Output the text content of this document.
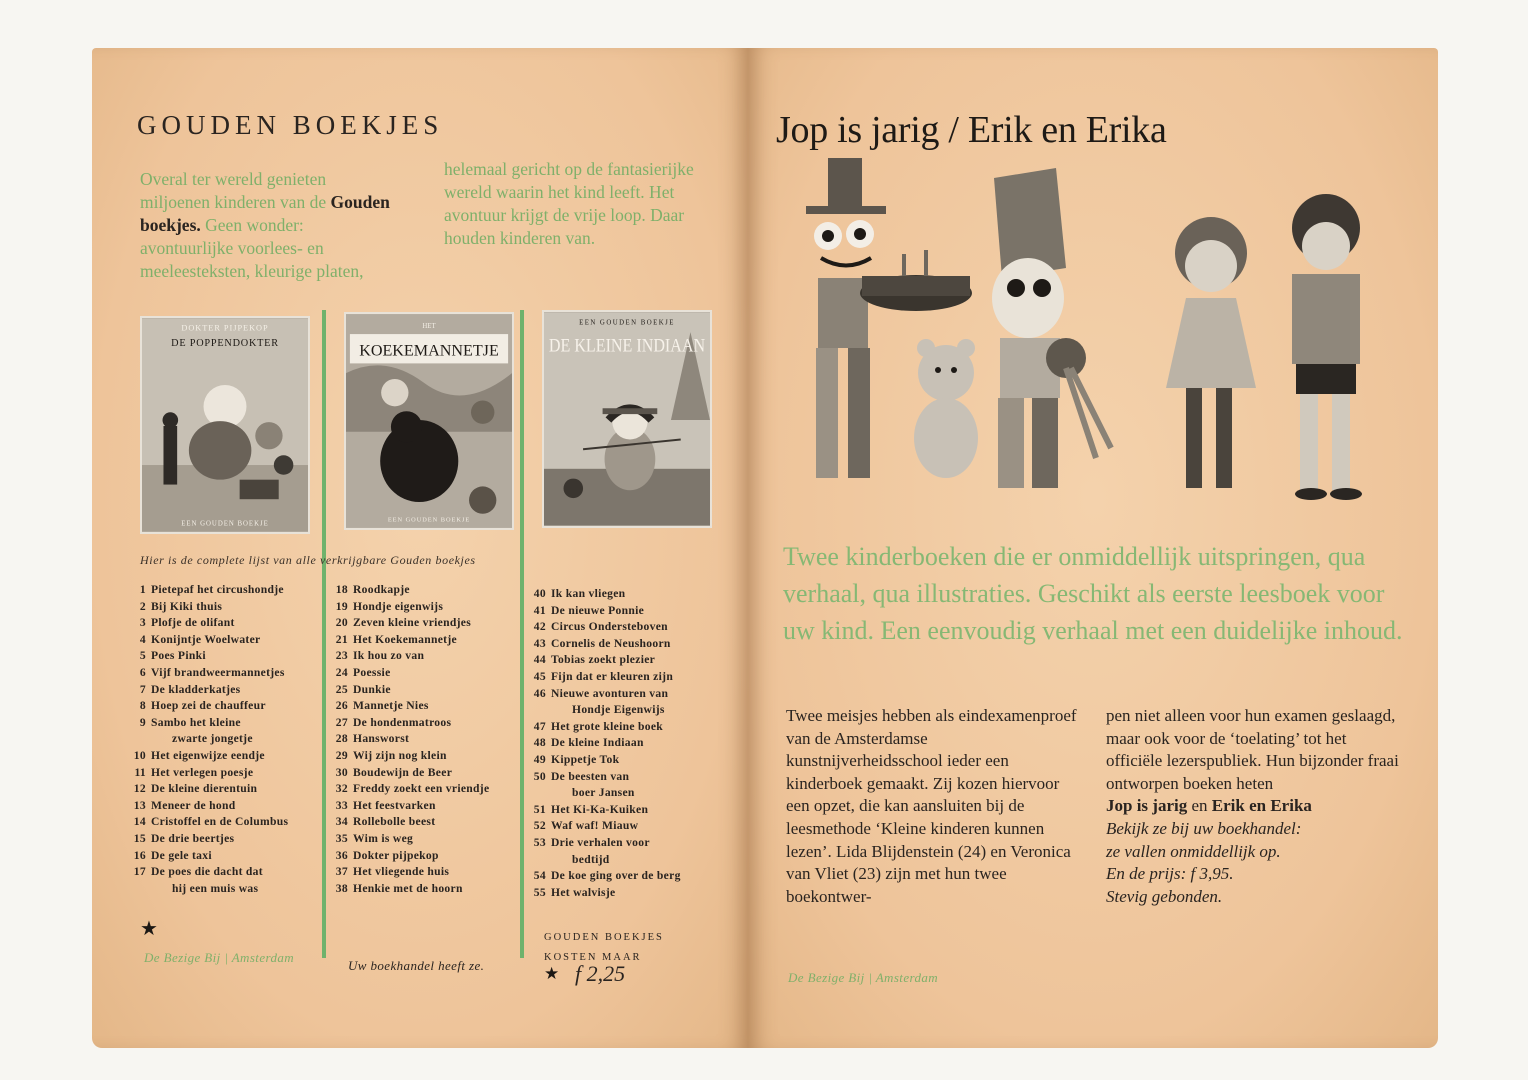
GOUDEN BOEKJES
Overal ter wereld genieten miljoenen kinderen van de Gouden boekjes. Geen wonder: avontuurlijke voorlees- en meeleesteksten, kleurige platen,
helemaal gericht op de fantasierijke wereld waarin het kind leeft. Het avontuur krijgt de vrije loop. Daar houden kinderen van.
DOKTER PIJPEKOP
DE POPPENDOKTER
EEN GOUDEN BOEKJE
HET
KOEKEMANNETJE
EEN GOUDEN BOEKJE
EEN GOUDEN BOEKJE
DE KLEINE INDIAAN
Hier is de complete lijst van alle verkrijgbare Gouden boekjes
1 Pietepaf het circushondje
2 Bij Kiki thuis
3 Plofje de olifant
4 Konijntje Woelwater
5 Poes Pinki
6 Vijf brandweermannetjes
7 De kladderkatjes
8 Hoep zei de chauffeur
9 Sambo het kleine
zwarte jongetje
10 Het eigenwijze eendje
11 Het verlegen poesje
12 De kleine dierentuin
13 Meneer de hond
14 Cristoffel en de Columbus
15 De drie beertjes
16 De gele taxi
17 De poes die dacht dat
hij een muis was
18 Roodkapje
19 Hondje eigenwijs
20 Zeven kleine vriendjes
21 Het Koekemannetje
23 Ik hou zo van
24 Poessie
25 Dunkie
26 Mannetje Nies
27 De hondenmatroos
28 Hansworst
29 Wij zijn nog klein
30 Boudewijn de Beer
32 Freddy zoekt een vriendje
33 Het feestvarken
34 Rollebolle beest
35 Wim is weg
36 Dokter pijpekop
37 Het vliegende huis
38 Henkie met de hoorn
40 Ik kan vliegen
41 De nieuwe Ponnie
42 Circus Ondersteboven
43 Cornelis de Neushoorn
44 Tobias zoekt plezier
45 Fijn dat er kleuren zijn
46 Nieuwe avonturen van
Hondje Eigenwijs
47 Het grote kleine boek
48 De kleine Indiaan
49 Kippetje Tok
50 De beesten van
boer Jansen
51 Het Ki-Ka-Kuiken
52 Waf waf! Miauw
53 Drie verhalen voor
bedtijd
54 De koe ging over de berg
55 Het walvisje
★
De Bezige Bij | Amsterdam
Uw boekhandel heeft ze.
GOUDEN BOEKJES
KOSTEN MAAR
★ f 2,25
Jop is jarig / Erik en Erika
Twee kinderboeken die er onmiddellijk uitspringen, qua verhaal, qua illustraties. Geschikt als eerste leesboek voor uw kind. Een eenvoudig verhaal met een duidelijke inhoud.
Twee meisjes hebben als eindexamenproef van de Amsterdamse kunstnijverheidsschool ieder een kinderboek gemaakt. Zij kozen hiervoor een opzet, die kan aansluiten bij de leesmethode ‘Kleine kinderen kunnen lezen’. Lida Blijdenstein (24) en Veronica van Vliet (23) zijn met hun twee boekontwer-
pen niet alleen voor hun examen geslaagd, maar ook voor de ‘toelating’ tot het officiële lezerspubliek. Hun bijzonder fraai ontworpen boeken heten
Jop is jarig en Erik en Erika
Bekijk ze bij uw boekhandel:
ze vallen onmiddellijk op.
En de prijs: f 3,95.
Stevig gebonden.
De Bezige Bij | Amsterdam
